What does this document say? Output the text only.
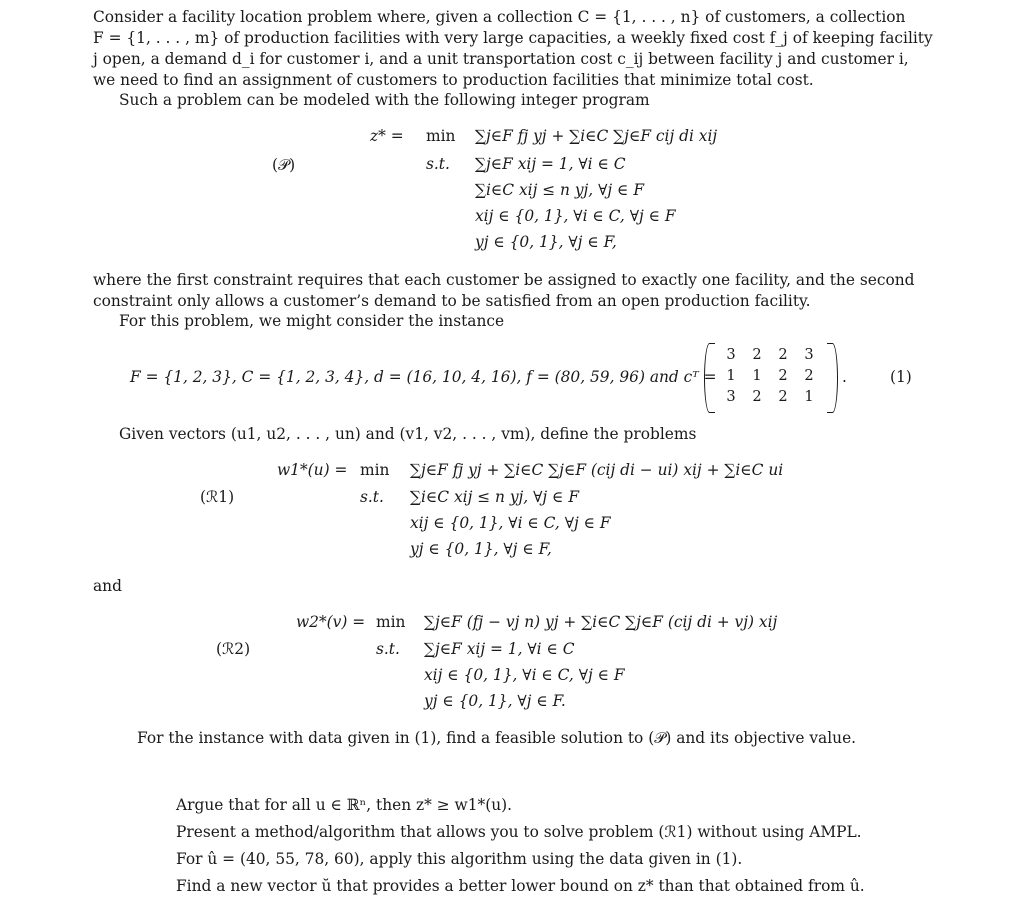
Consider a facility location problem where, given a collection C = {1, . . . , n} of customers, a collection
F = {1, . . . , m} of production facilities with very large capacities, a weekly fixed cost f_j of keeping facility
j open, a demand d_i for customer i, and a unit transportation cost c_ij between facility j and customer i,
we need to find an assignment of customers to production facilities that minimize total cost.
Such a problem can be modeled with the following integer program
(𝒫)
z* = min ∑j∈F fj yj + ∑i∈C ∑j∈F cij di xij
s.t. ∑j∈F xij = 1, ∀i ∈ C
∑i∈C xij ≤ n yj, ∀j ∈ F
xij ∈ {0, 1}, ∀i ∈ C, ∀j ∈ F
yj ∈ {0, 1}, ∀j ∈ F,
where the first constraint requires that each customer be assigned to exactly one facility, and the second
constraint only allows a customer’s demand to be satisfied from an open production facility.
For this problem, we might consider the instance
F = {1, 2, 3}, C = {1, 2, 3, 4}, d = (16, 10, 4, 16), f = (80, 59, 96) and cᵀ =
3	2	2	3
1	1	2	2
3	2	2	1
.	(1)
Given vectors (u1, u2, . . . , un) and (v1, v2, . . . , vm), define the problems
(ℛ1)
w1*(u) = min ∑j∈F fj yj + ∑i∈C ∑j∈F (cij di − ui) xij + ∑i∈C ui
s.t. ∑i∈C xij ≤ n yj, ∀j ∈ F
xij ∈ {0, 1}, ∀i ∈ C, ∀j ∈ F
yj ∈ {0, 1}, ∀j ∈ F,
and
(ℛ2)
w2*(v) = min ∑j∈F (fj − vj n) yj + ∑i∈C ∑j∈F (cij di + vj) xij
s.t. ∑j∈F xij = 1, ∀i ∈ C
xij ∈ {0, 1}, ∀i ∈ C, ∀j ∈ F
yj ∈ {0, 1}, ∀j ∈ F.
For the instance with data given in (1), find a feasible solution to (𝒫) and its objective value.
Argue that for all u ∈ ℝⁿ, then z* ≥ w1*(u).
Present a method/algorithm that allows you to solve problem (ℛ1) without using AMPL.
For û = (40, 55, 78, 60), apply this algorithm using the data given in (1).
Find a new vector ŭ that provides a better lower bound on z* than that obtained from û.
